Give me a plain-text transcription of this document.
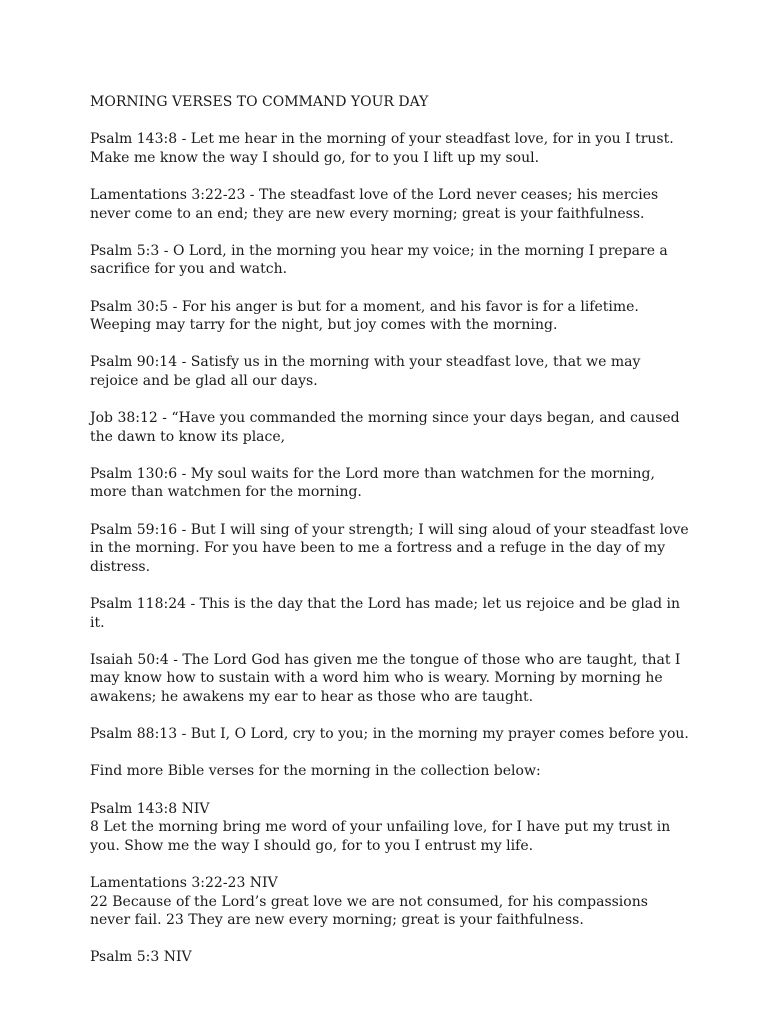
MORNING VERSES TO COMMAND YOUR DAY

Psalm 143:8 - Let me hear in the morning of your steadfast love, for in you I trust. Make me know the way I should go, for to you I lift up my soul.

Lamentations 3:22-23 - The steadfast love of the Lord never ceases; his mercies never come to an end; they are new every morning; great is your faithfulness.

Psalm 5:3 - O Lord, in the morning you hear my voice; in the morning I prepare a sacrifice for you and watch.

Psalm 30:5 - For his anger is but for a moment, and his favor is for a lifetime. Weeping may tarry for the night, but joy comes with the morning.

Psalm 90:14 - Satisfy us in the morning with your steadfast love, that we may rejoice and be glad all our days.

Job 38:12 - “Have you commanded the morning since your days began, and caused the dawn to know its place,

Psalm 130:6 - My soul waits for the Lord more than watchmen for the morning, more than watchmen for the morning.

Psalm 59:16 - But I will sing of your strength; I will sing aloud of your steadfast love in the morning. For you have been to me a fortress and a refuge in the day of my distress.

Psalm 118:24 - This is the day that the Lord has made; let us rejoice and be glad in it.

Isaiah 50:4 - The Lord God has given me the tongue of those who are taught, that I may know how to sustain with a word him who is weary. Morning by morning he awakens; he awakens my ear to hear as those who are taught.

Psalm 88:13 - But I, O Lord, cry to you; in the morning my prayer comes before you.

Find more Bible verses for the morning in the collection below:

Psalm 143:8 NIV
8 Let the morning bring me word of your unfailing love, for I have put my trust in you. Show me the way I should go, for to you I entrust my life.
Lamentations 3:22-23 NIV
22 Because of the Lord’s great love we are not consumed, for his compassions never fail. 23 They are new every morning; great is your faithfulness.
Psalm 5:3 NIV
